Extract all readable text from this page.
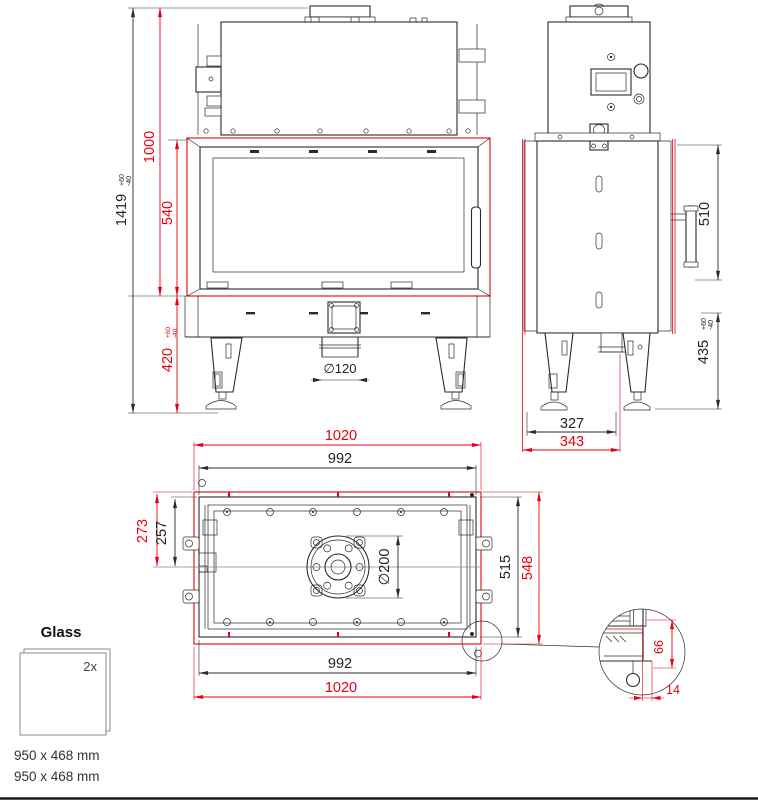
1419
+60 -40
1000
540
420
+60 -40
∅120
510
435
+60 -40
327
343
1020
992
273 257
∅200	515 548
992
1020
66
14
Glass
2x
950 x 468 mm
950 x 468 mm
